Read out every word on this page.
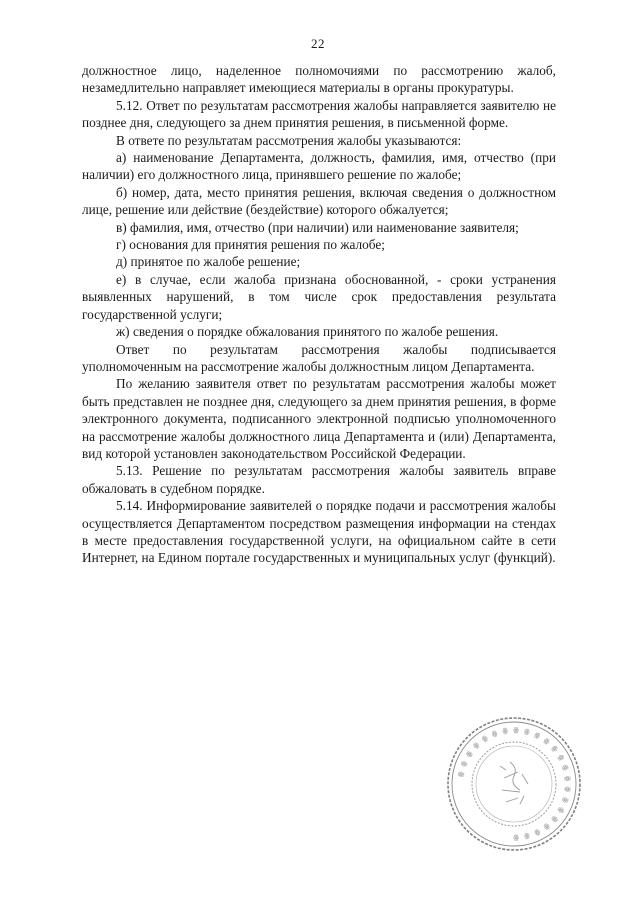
22

должностное лицо, наделенное полномочиями по рассмотрению жалоб, незамедлительно направляет имеющиеся материалы в органы прокуратуры.

5.12. Ответ по результатам рассмотрения жалобы направляется заявителю не позднее дня, следующего за днем принятия решения, в письменной форме.

В ответе по результатам рассмотрения жалобы указываются:

а) наименование Департамента, должность, фамилия, имя, отчество (при наличии) его должностного лица, принявшего решение по жалобе;

б) номер, дата, место принятия решения, включая сведения о должностном лице, решение или действие (бездействие) которого обжалуется;

в) фамилия, имя, отчество (при наличии) или наименование заявителя;

г) основания для принятия решения по жалобе;

д) принятое по жалобе решение;

е) в случае, если жалоба признана обоснованной, - сроки устранения выявленных нарушений, в том числе срок предоставления результата государственной услуги;

ж) сведения о порядке обжалования принятого по жалобе решения.

Ответ по результатам рассмотрения жалобы подписывается уполномоченным на рассмотрение жалобы должностным лицом Департамента.

По желанию заявителя ответ по результатам рассмотрения жалобы может быть представлен не позднее дня, следующего за днем принятия решения, в форме электронного документа, подписанного электронной подписью уполномоченного на рассмотрение жалобы должностного лица Департамента и (или) Департамента, вид которой установлен законодательством Российской Федерации.

5.13. Решение по результатам рассмотрения жалобы заявитель вправе обжаловать в судебном порядке.

5.14. Информирование заявителей о порядке подачи и рассмотрения жалобы осуществляется Департаментом посредством размещения информации на стендах в месте предоставления государственной услуги, на официальном сайте в сети Интернет, на Едином портале государственных и муниципальных услуг (функций).

ꙮ ꙮ ꙮ ꙮ ꙮ ꙮ ꙮ ꙮ ꙮ ꙮ ꙮ ꙮ ꙮ ꙮ ꙮ ꙮ ꙮ ꙮ ꙮ ꙮ ꙮ ꙮ ꙮ
